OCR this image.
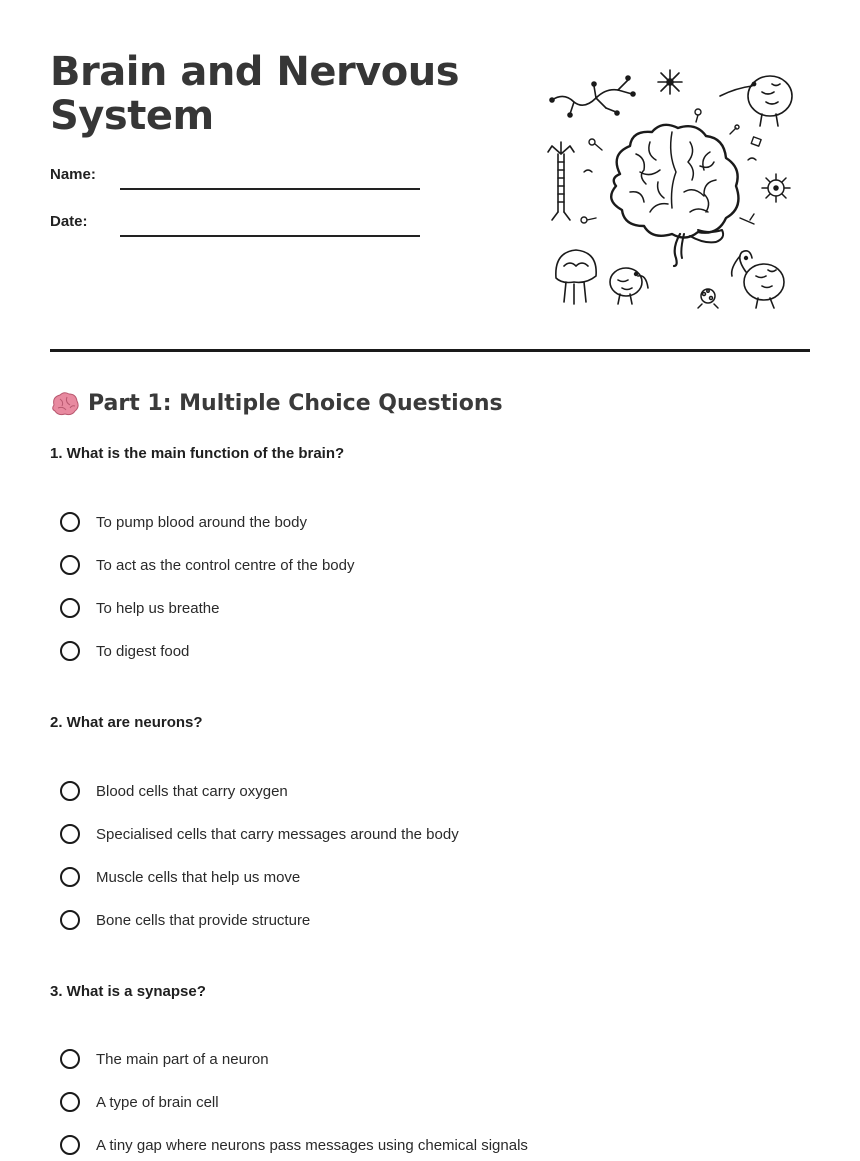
Brain and Nervous System
Name:
Date:
Part 1: Multiple Choice Questions

1. What is the main function of the brain?

To pump blood around the body
To act as the control centre of the body
To help us breathe
To digest food

2. What are neurons?

Blood cells that carry oxygen
Specialised cells that carry messages around the body
Muscle cells that help us move
Bone cells that provide structure

3. What is a synapse?

The main part of a neuron
A type of brain cell
A tiny gap where neurons pass messages using chemical signals
